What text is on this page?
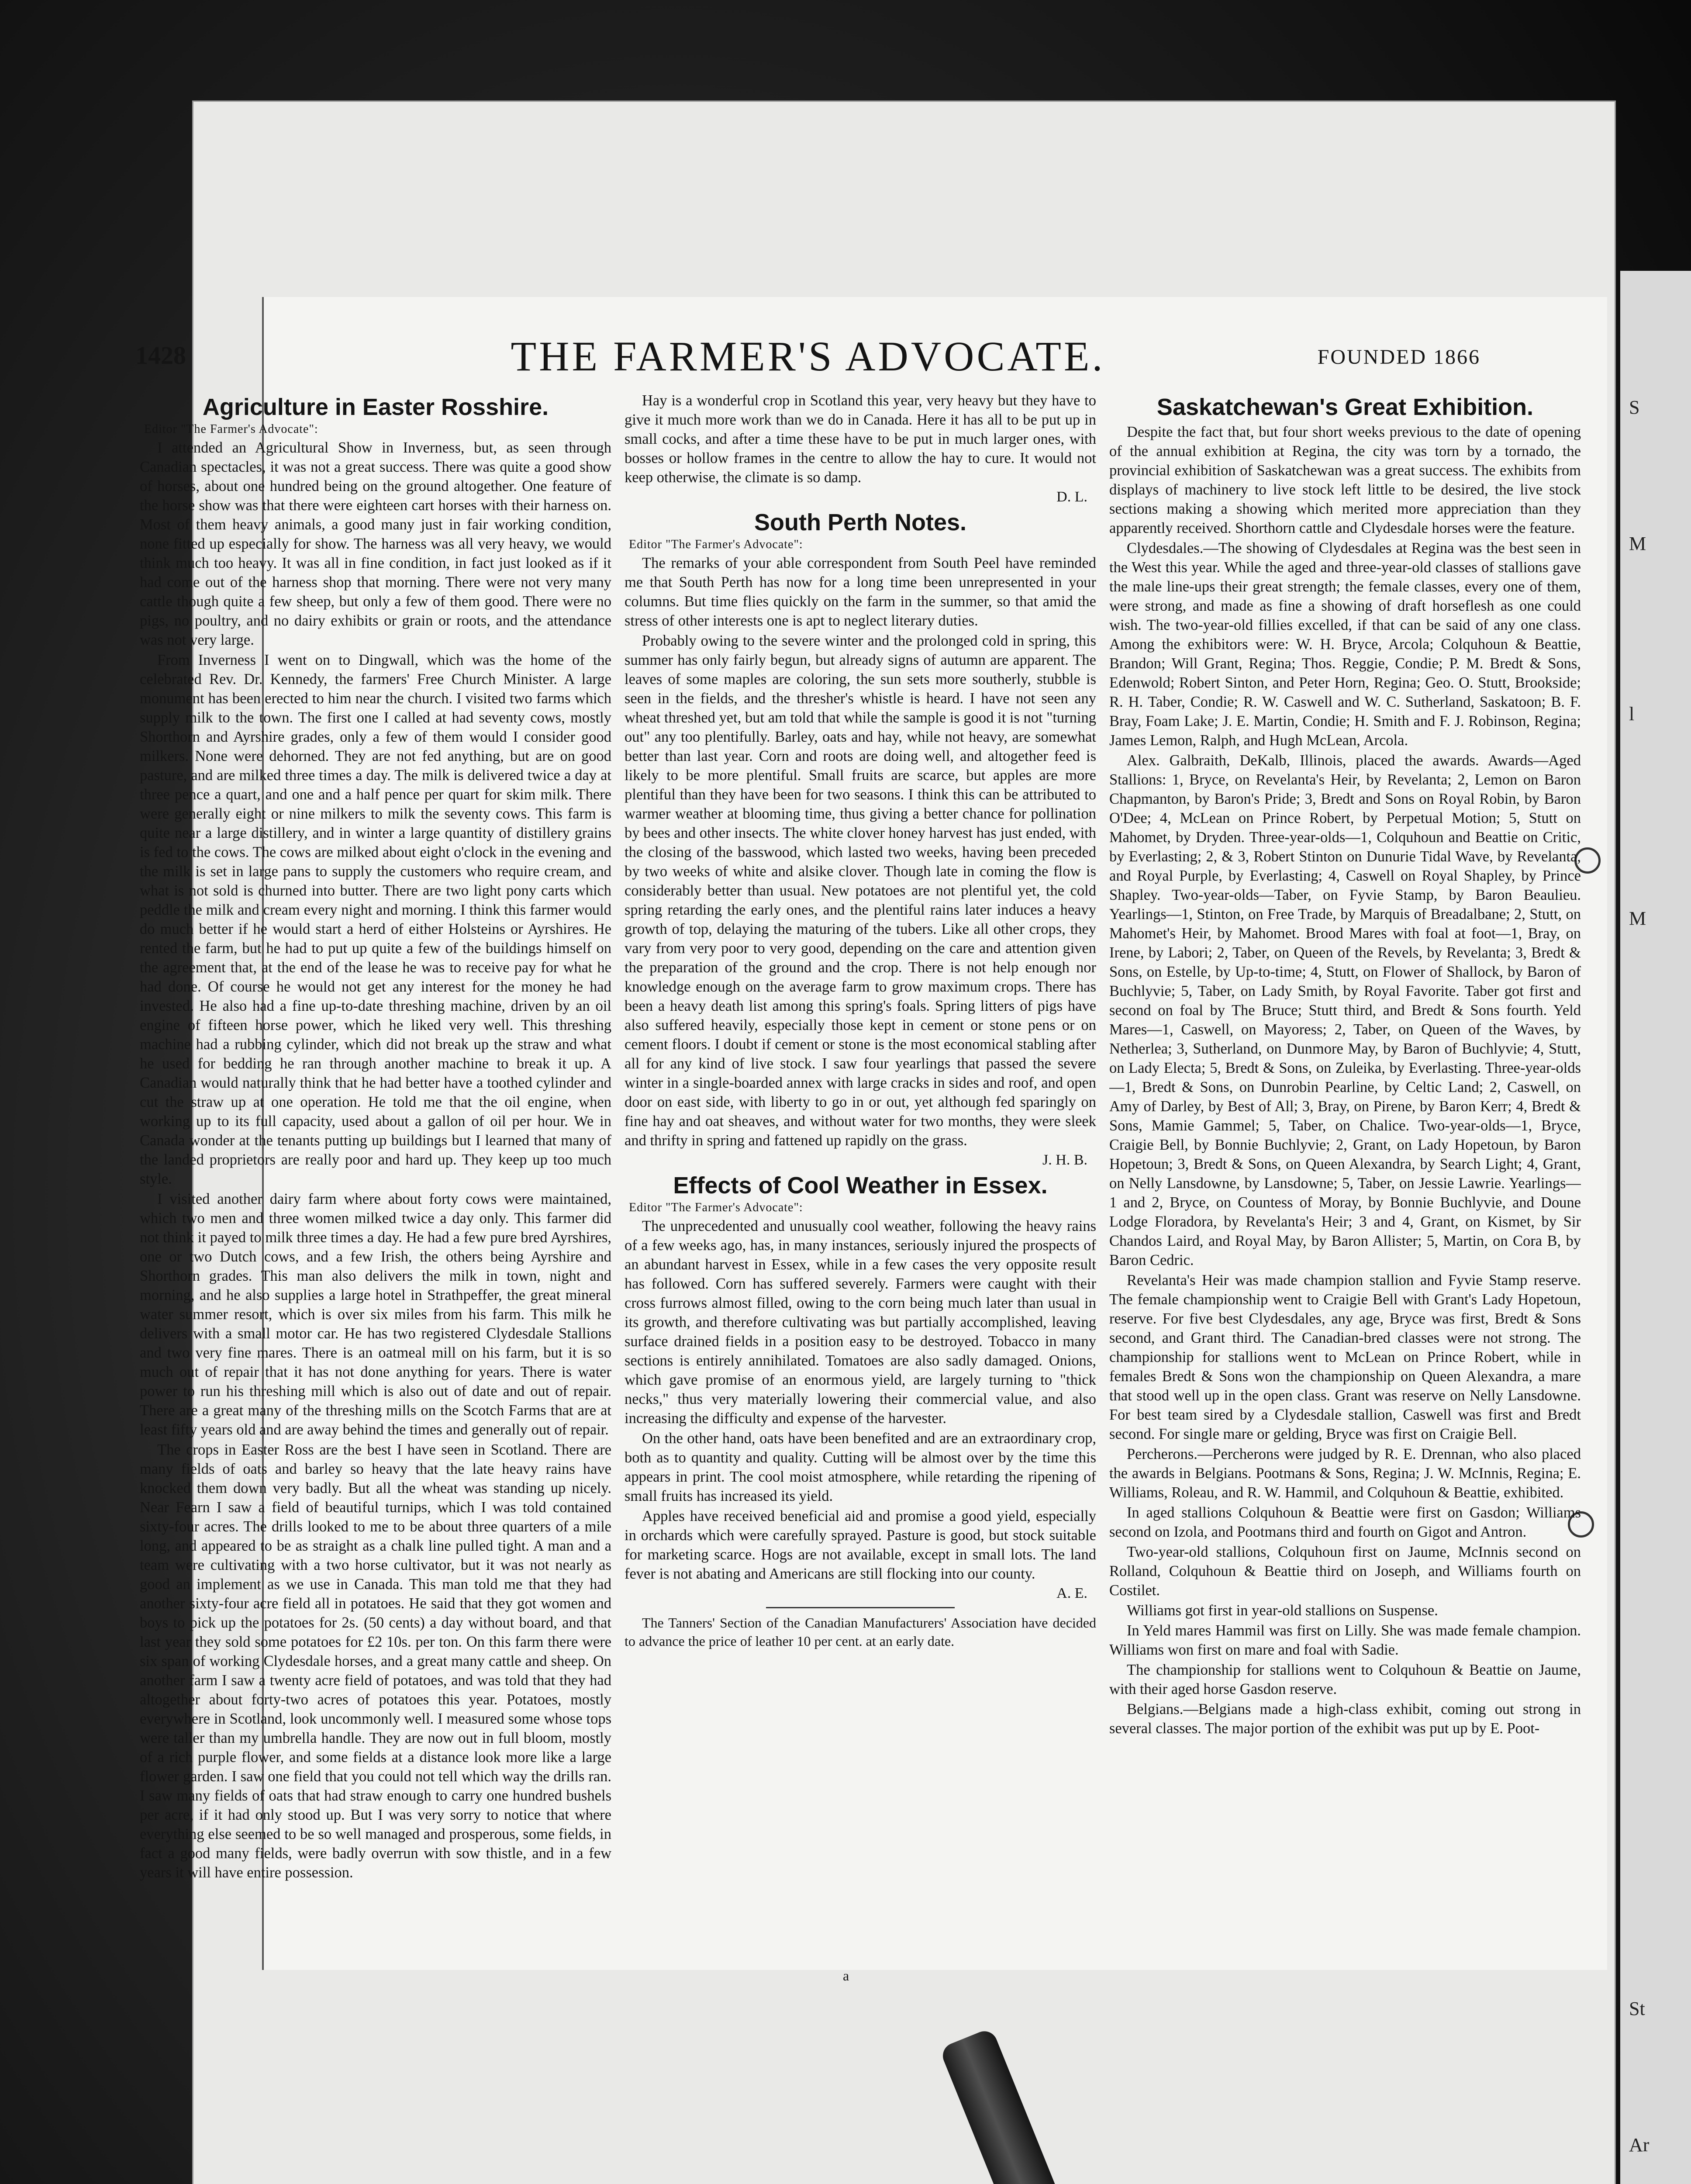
S

M

l

M

St

Ar

1428	THE FARMER'S ADVOCATE.	FOUNDED 1866
Agriculture in Easter Rosshire.
Editor "The Farmer's Advocate":

I attended an Agricultural Show in Inverness, but, as seen through Canadian spectacles, it was not a great success. There was quite a good show of horses, about one hundred being on the ground altogether. One feature of the horse show was that there were eighteen cart horses with their harness on. Most of them heavy animals, a good many just in fair working condition, none fitted up especially for show. The harness was all very heavy, we would think much too heavy. It was all in fine condition, in fact just looked as if it had come out of the harness shop that morning. There were not very many cattle though quite a few sheep, but only a few of them good. There were no pigs, no poultry, and no dairy exhibits or grain or roots, and the attendance was not very large.

From Inverness I went on to Dingwall, which was the home of the celebrated Rev. Dr. Kennedy, the farmers' Free Church Minister. A large monument has been erected to him near the church. I visited two farms which supply milk to the town. The first one I called at had seventy cows, mostly Shorthorn and Ayrshire grades, only a few of them would I consider good milkers. None were dehorned. They are not fed anything, but are on good pasture, and are milked three times a day. The milk is delivered twice a day at three pence a quart, and one and a half pence per quart for skim milk. There were generally eight or nine milkers to milk the seventy cows. This farm is quite near a large distillery, and in winter a large quantity of distillery grains is fed to the cows. The cows are milked about eight o'clock in the evening and the milk is set in large pans to supply the customers who require cream, and what is not sold is churned into butter. There are two light pony carts which peddle the milk and cream every night and morning. I think this farmer would do much better if he would start a herd of either Holsteins or Ayrshires. He rented the farm, but he had to put up quite a few of the buildings himself on the agreement that, at the end of the lease he was to receive pay for what he had done. Of course he would not get any interest for the money he had invested. He also had a fine up-to-date threshing machine, driven by an oil engine of fifteen horse power, which he liked very well. This threshing machine had a rubbing cylinder, which did not break up the straw and what he used for bedding he ran through another machine to break it up. A Canadian would naturally think that he had better have a toothed cylinder and cut the straw up at one operation. He told me that the oil engine, when working up to its full capacity, used about a gallon of oil per hour. We in Canada wonder at the tenants putting up buildings but I learned that many of the landed proprietors are really poor and hard up. They keep up too much style.

I visited another dairy farm where about forty cows were maintained, which two men and three women milked twice a day only. This farmer did not think it payed to milk three times a day. He had a few pure bred Ayrshires, one or two Dutch cows, and a few Irish, the others being Ayrshire and Shorthorn grades. This man also delivers the milk in town, night and morning, and he also supplies a large hotel in Strathpeffer, the great mineral water summer resort, which is over six miles from his farm. This milk he delivers with a small motor car. He has two registered Clydesdale Stallions and two very fine mares. There is an oatmeal mill on his farm, but it is so much out of repair that it has not done anything for years. There is water power to run his threshing mill which is also out of date and out of repair. There are a great many of the threshing mills on the Scotch Farms that are at least fifty years old and are away behind the times and generally out of repair.

The crops in Easter Ross are the best I have seen in Scotland. There are many fields of oats and barley so heavy that the late heavy rains have knocked them down very badly. But all the wheat was standing up nicely. Near Fearn I saw a field of beautiful turnips, which I was told contained sixty-four acres. The drills looked to me to be about three quarters of a mile long, and appeared to be as straight as a chalk line pulled tight. A man and a team were cultivating with a two horse cultivator, but it was not nearly as good an implement as we use in Canada. This man told me that they had another sixty-four acre field all in potatoes. He said that they got women and boys to pick up the potatoes for 2s. (50 cents) a day without board, and that last year they sold some potatoes for £2 10s. per ton. On this farm there were six span of working Clydesdale horses, and a great many cattle and sheep. On another farm I saw a twenty acre field of potatoes, and was told that they had altogether about forty-two acres of potatoes this year. Potatoes, mostly everywhere in Scotland, look uncommonly well. I measured some whose tops were taller than my umbrella handle. They are now out in full bloom, mostly of a rich purple flower, and some fields at a distance look more like a large flower garden. I saw one field that you could not tell which way the drills ran. I saw many fields of oats that had straw enough to carry one hundred bushels per acre, if it had only stood up. But I was very sorry to notice that where everything else seemed to be so well managed and prosperous, some fields, in fact a good many fields, were badly overrun with sow thistle, and in a few years it will have entire possession.

Hay is a wonderful crop in Scotland this year, very heavy but they have to give it much more work than we do in Canada. Here it has all to be put up in small cocks, and after a time these have to be put in much larger ones, with bosses or hollow frames in the centre to allow the hay to cure. It would not keep otherwise, the climate is so damp.

D. L.
South Perth Notes.
Editor "The Farmer's Advocate":

The remarks of your able correspondent from South Peel have reminded me that South Perth has now for a long time been unrepresented in your columns. But time flies quickly on the farm in the summer, so that amid the stress of other interests one is apt to neglect literary duties.

Probably owing to the severe winter and the prolonged cold in spring, this summer has only fairly begun, but already signs of autumn are apparent. The leaves of some maples are coloring, the sun sets more southerly, stubble is seen in the fields, and the thresher's whistle is heard. I have not seen any wheat threshed yet, but am told that while the sample is good it is not "turning out" any too plentifully. Barley, oats and hay, while not heavy, are somewhat better than last year. Corn and roots are doing well, and altogether feed is likely to be more plentiful. Small fruits are scarce, but apples are more plentiful than they have been for two seasons. I think this can be attributed to warmer weather at blooming time, thus giving a better chance for pollination by bees and other insects. The white clover honey harvest has just ended, with the closing of the basswood, which lasted two weeks, having been preceded by two weeks of white and alsike clover. Though late in coming the flow is considerably better than usual. New potatoes are not plentiful yet, the cold spring retarding the early ones, and the plentiful rains later induces a heavy growth of top, delaying the maturing of the tubers. Like all other crops, they vary from very poor to very good, depending on the care and attention given the preparation of the ground and the crop. There is not help enough nor knowledge enough on the average farm to grow maximum crops. There has been a heavy death list among this spring's foals. Spring litters of pigs have also suffered heavily, especially those kept in cement or stone pens or on cement floors. I doubt if cement or stone is the most economical stabling after all for any kind of live stock. I saw four yearlings that passed the severe winter in a single-boarded annex with large cracks in sides and roof, and open door on east side, with liberty to go in or out, yet although fed sparingly on fine hay and oat sheaves, and without water for two months, they were sleek and thrifty in spring and fattened up rapidly on the grass.

J. H. B.
Effects of Cool Weather in Essex.
Editor "The Farmer's Advocate":

The unprecedented and unusually cool weather, following the heavy rains of a few weeks ago, has, in many instances, seriously injured the prospects of an abundant harvest in Essex, while in a few cases the very opposite result has followed. Corn has suffered severely. Farmers were caught with their cross furrows almost filled, owing to the corn being much later than usual in its growth, and therefore cultivating was but partially accomplished, leaving surface drained fields in a position easy to be destroyed. Tobacco in many sections is entirely annihilated. Tomatoes are also sadly damaged. Onions, which gave promise of an enormous yield, are largely turning to "thick necks," thus very materially lowering their commercial value, and also increasing the difficulty and expense of the harvester.

On the other hand, oats have been benefited and are an extraordinary crop, both as to quantity and quality. Cutting will be almost over by the time this appears in print. The cool moist atmosphere, while retarding the ripening of small fruits has increased its yield.

Apples have received beneficial aid and promise a good yield, especially in orchards which were carefully sprayed. Pasture is good, but stock suitable for marketing scarce. Hogs are not available, except in small lots. The land fever is not abating and Americans are still flocking into our county.

A. E.

The Tanners' Section of the Canadian Manufacturers' Association have decided to advance the price of leather 10 per cent. at an early date.

Saskatchewan's Great Exhibition.

Despite the fact that, but four short weeks previous to the date of opening of the annual exhibition at Regina, the city was torn by a tornado, the provincial exhibition of Saskatchewan was a great success. The exhibits from displays of machinery to live stock left little to be desired, the live stock sections making a showing which merited more appreciation than they apparently received. Shorthorn cattle and Clydesdale horses were the feature.

Clydesdales.—The showing of Clydesdales at Regina was the best seen in the West this year. While the aged and three-year-old classes of stallions gave the male line-ups their great strength; the female classes, every one of them, were strong, and made as fine a showing of draft horseflesh as one could wish. The two-year-old fillies excelled, if that can be said of any one class. Among the exhibitors were: W. H. Bryce, Arcola; Colquhoun & Beattie, Brandon; Will Grant, Regina; Thos. Reggie, Condie; P. M. Bredt & Sons, Edenwold; Robert Sinton, and Peter Horn, Regina; Geo. O. Stutt, Brookside; R. H. Taber, Condie; R. W. Caswell and W. C. Sutherland, Saskatoon; B. F. Bray, Foam Lake; J. E. Martin, Condie; H. Smith and F. J. Robinson, Regina; James Lemon, Ralph, and Hugh McLean, Arcola.

Alex. Galbraith, DeKalb, Illinois, placed the awards. Awards—Aged Stallions: 1, Bryce, on Revelanta's Heir, by Revelanta; 2, Lemon on Baron Chapmanton, by Baron's Pride; 3, Bredt and Sons on Royal Robin, by Baron O'Dee; 4, McLean on Prince Robert, by Perpetual Motion; 5, Stutt on Mahomet, by Dryden. Three-year-olds—1, Colquhoun and Beattie on Critic, by Everlasting; 2, & 3, Robert Stinton on Dunurie Tidal Wave, by Revelanta, and Royal Purple, by Everlasting; 4, Caswell on Royal Shapley, by Prince Shapley. Two-year-olds—Taber, on Fyvie Stamp, by Baron Beaulieu. Yearlings—1, Stinton, on Free Trade, by Marquis of Breadalbane; 2, Stutt, on Mahomet's Heir, by Mahomet. Brood Mares with foal at foot—1, Bray, on Irene, by Labori; 2, Taber, on Queen of the Revels, by Revelanta; 3, Bredt & Sons, on Estelle, by Up-to-time; 4, Stutt, on Flower of Shallock, by Baron of Buchlyvie; 5, Taber, on Lady Smith, by Royal Favorite. Taber got first and second on foal by The Bruce; Stutt third, and Bredt & Sons fourth. Yeld Mares—1, Caswell, on Mayoress; 2, Taber, on Queen of the Waves, by Netherlea; 3, Sutherland, on Dunmore May, by Baron of Buchlyvie; 4, Stutt, on Lady Electa; 5, Bredt & Sons, on Zuleika, by Everlasting. Three-year-olds—1, Bredt & Sons, on Dunrobin Pearline, by Celtic Land; 2, Caswell, on Amy of Darley, by Best of All; 3, Bray, on Pirene, by Baron Kerr; 4, Bredt & Sons, Mamie Gammel; 5, Taber, on Chalice. Two-year-olds—1, Bryce, Craigie Bell, by Bonnie Buchlyvie; 2, Grant, on Lady Hopetoun, by Baron Hopetoun; 3, Bredt & Sons, on Queen Alexandra, by Search Light; 4, Grant, on Nelly Lansdowne, by Lansdowne; 5, Taber, on Jessie Lawrie. Yearlings—1 and 2, Bryce, on Countess of Moray, by Bonnie Buchlyvie, and Doune Lodge Floradora, by Revelanta's Heir; 3 and 4, Grant, on Kismet, by Sir Chandos Laird, and Royal May, by Baron Allister; 5, Martin, on Cora B, by Baron Cedric.

Revelanta's Heir was made champion stallion and Fyvie Stamp reserve. The female championship went to Craigie Bell with Grant's Lady Hopetoun, reserve. For five best Clydesdales, any age, Bryce was first, Bredt & Sons second, and Grant third. The Canadian-bred classes were not strong. The championship for stallions went to McLean on Prince Robert, while in females Bredt & Sons won the championship on Queen Alexandra, a mare that stood well up in the open class. Grant was reserve on Nelly Lansdowne. For best team sired by a Clydesdale stallion, Caswell was first and Bredt second. For single mare or gelding, Bryce was first on Craigie Bell.

Percherons.—Percherons were judged by R. E. Drennan, who also placed the awards in Belgians. Pootmans & Sons, Regina; J. W. McInnis, Regina; E. Williams, Roleau, and R. W. Hammil, and Colquhoun & Beattie, exhibited.

In aged stallions Colquhoun & Beattie were first on Gasdon; Williams second on Izola, and Pootmans third and fourth on Gigot and Antron.

Two-year-old stallions, Colquhoun first on Jaume, McInnis second on Rolland, Colquhoun & Beattie third on Joseph, and Williams fourth on Costilet.

Williams got first in year-old stallions on Suspense.

In Yeld mares Hammil was first on Lilly. She was made female champion. Williams won first on mare and foal with Sadie.

The championship for stallions went to Colquhoun & Beattie on Jaume, with their aged horse Gasdon reserve.

Belgians.—Belgians made a high-class exhibit, coming out strong in several classes. The major portion of the exhibit was put up by E. Poot-

a
